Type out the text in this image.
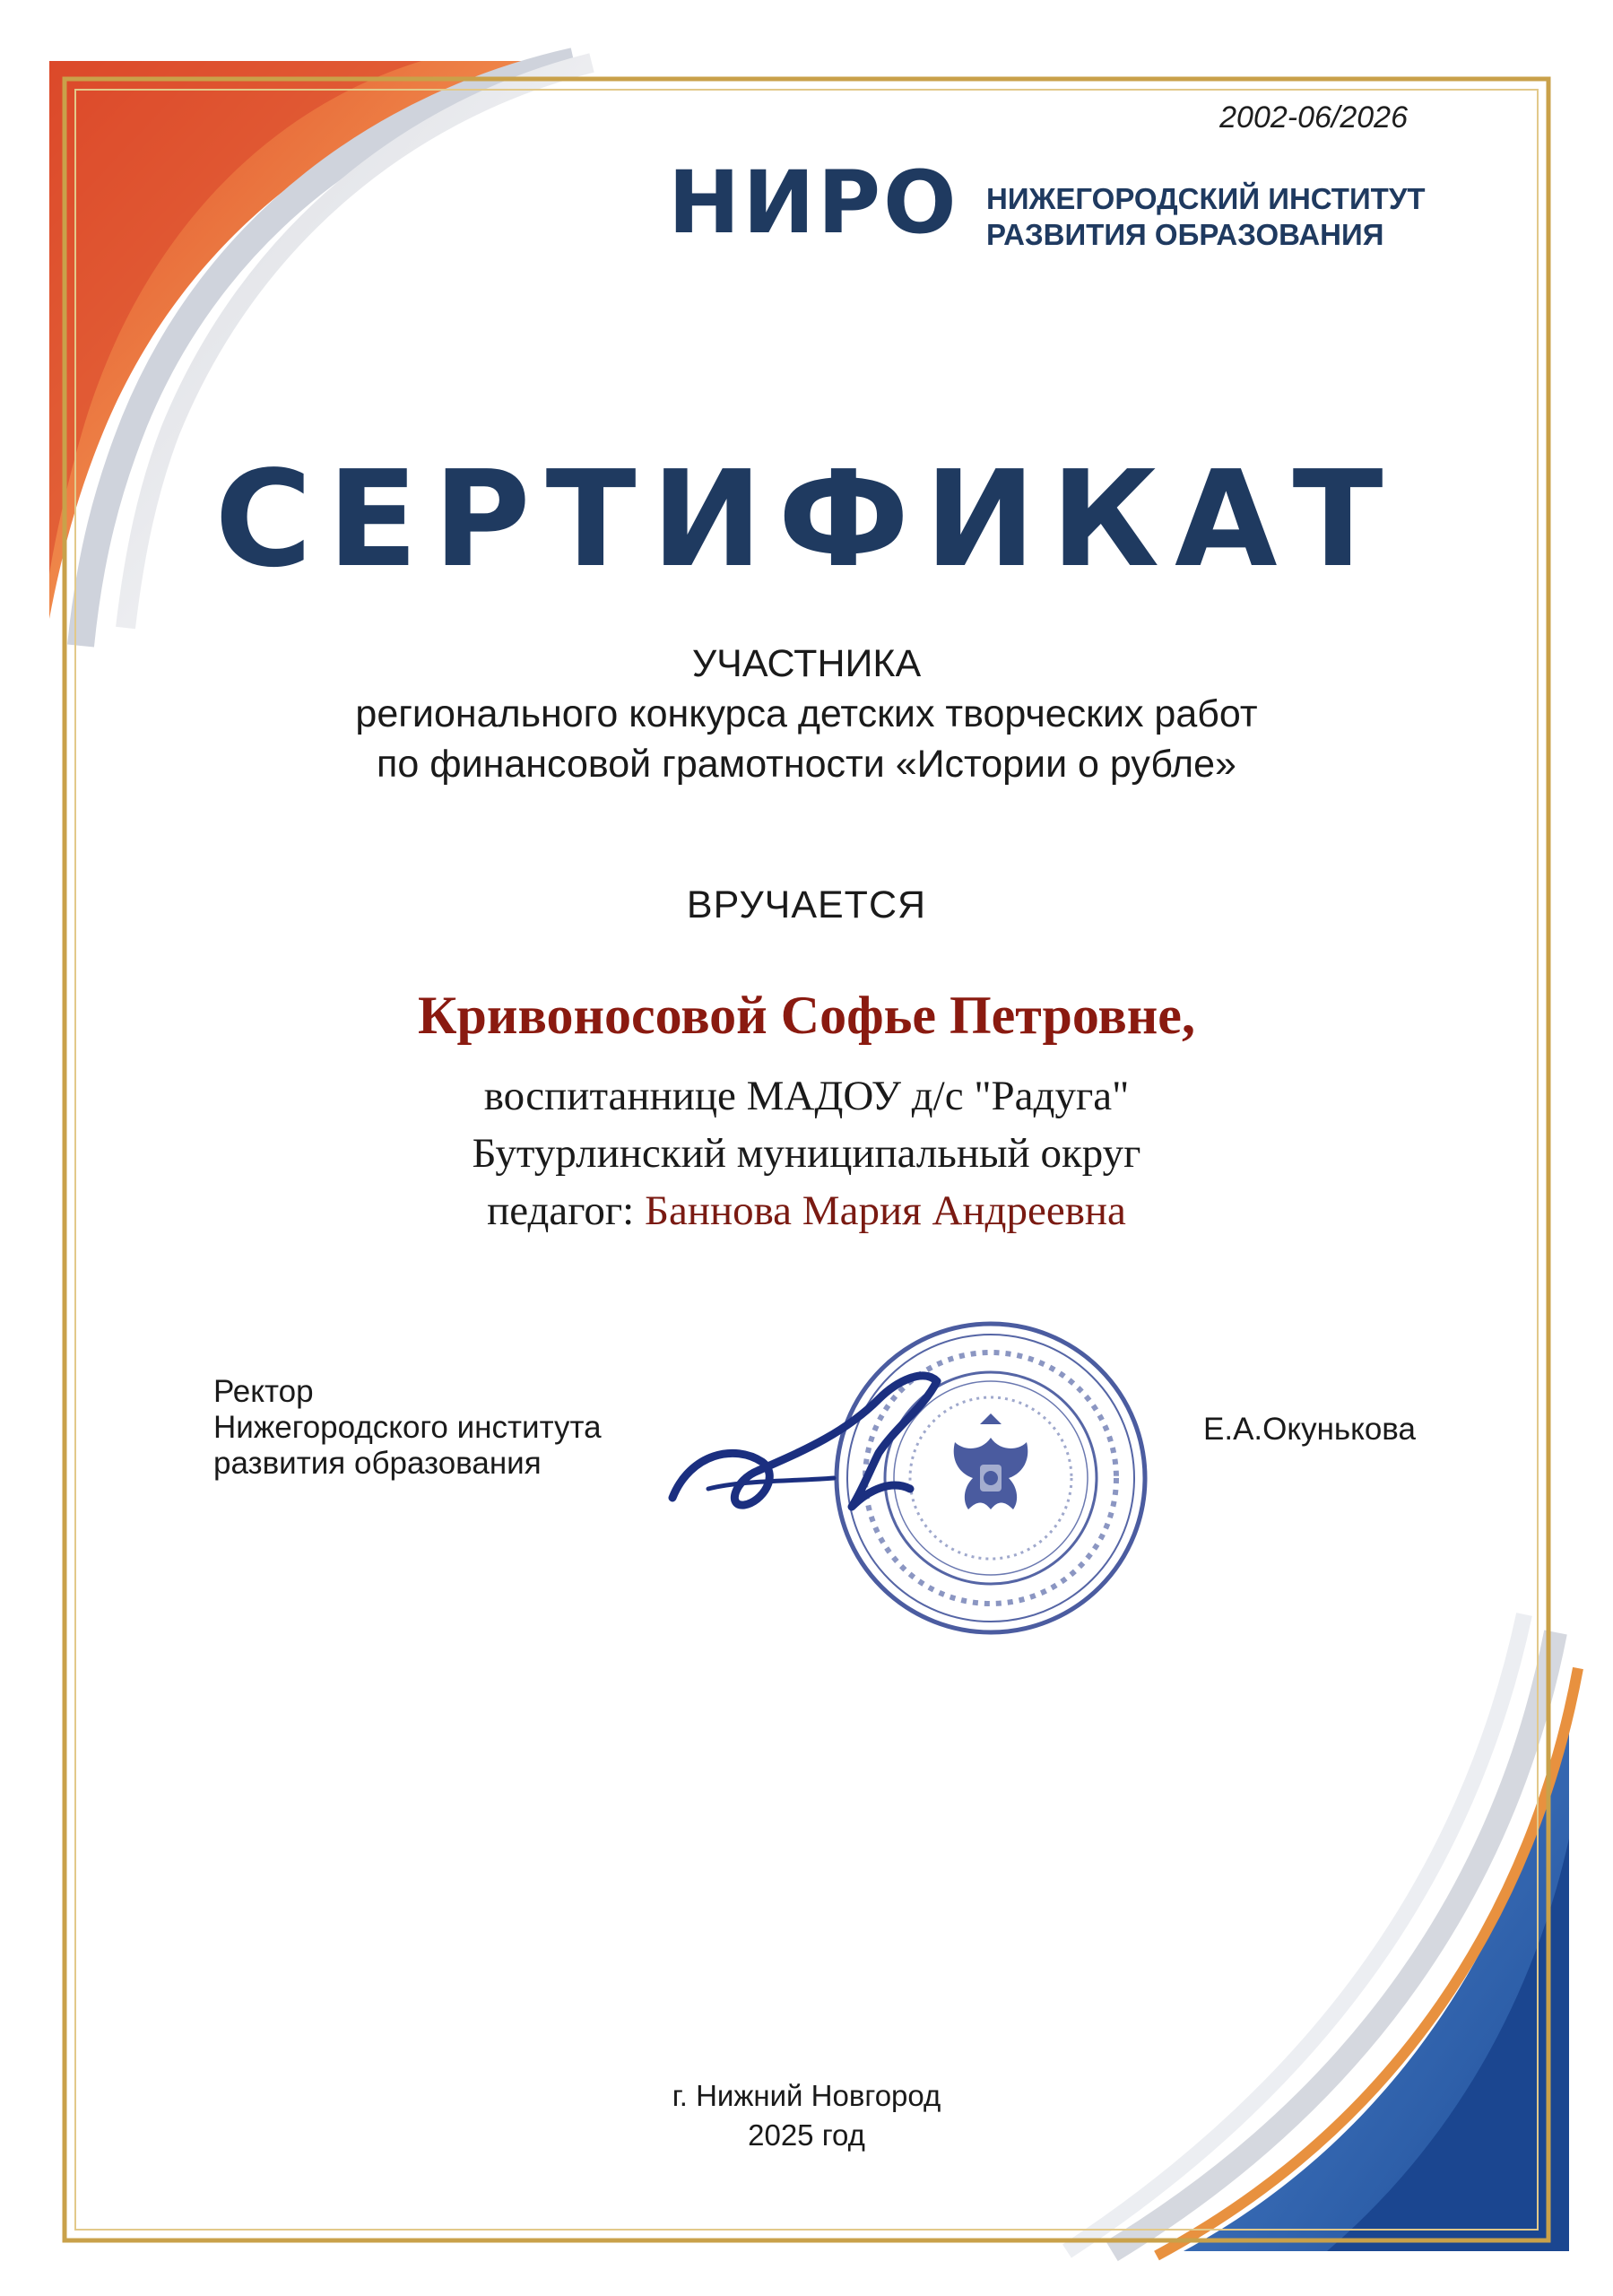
2002-06/2026
НИРО НИЖЕГОРОДСКИЙ ИНСТИТУТ
РАЗВИТИЯ ОБРАЗОВАНИЯ
СЕРТИФИКАТ
УЧАСТНИКА
регионального конкурса детских творческих работ
по финансовой грамотности «Истории о рубле»
ВРУЧАЕТСЯ
Кривоносовой Софье Петровне,
воспитаннице МАДОУ д/с "Радуга"
Бутурлинский муниципальный округ
педагог: Баннова Мария Андреевна
Ректор
Нижегородского института
развития образования
Е.А.Окунькова
г. Нижний Новгород
2025 год
